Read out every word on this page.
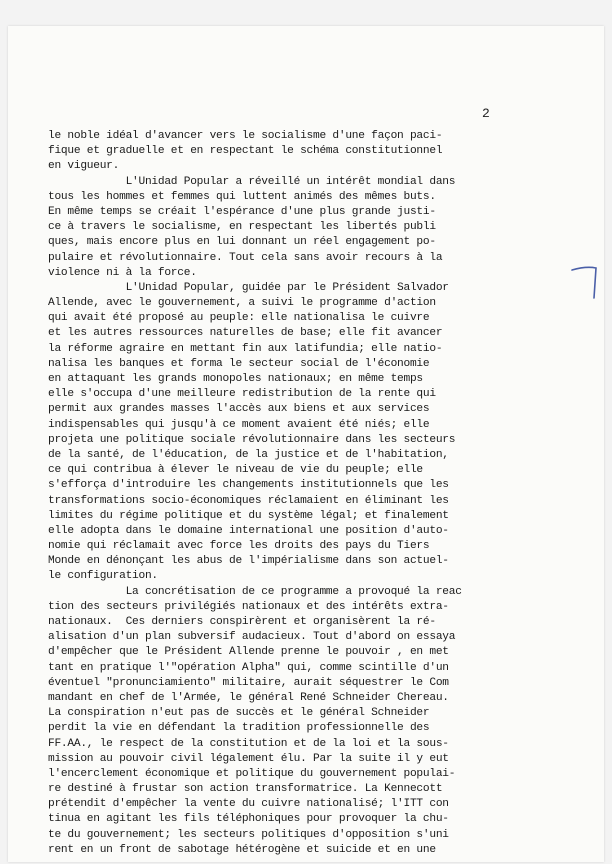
2
le noble idéal d'avancer vers le socialisme d'une façon paci-
fique et graduelle et en respectant le schéma constitutionnel
en vigueur.
L'Unidad Popular a réveillé un intérêt mondial dans
tous les hommes et femmes qui luttent animés des mêmes buts.
En même temps se créait l'espérance d'une plus grande justi-
ce à travers le socialisme, en respectant les libertés publi
ques, mais encore plus en lui donnant un réel engagement po-
pulaire et révolutionnaire. Tout cela sans avoir recours à la
violence ni à la force.
L'Unidad Popular, guidée par le Président Salvador
Allende, avec le gouvernement, a suivi le programme d'action
qui avait été proposé au peuple: elle nationalisa le cuivre
et les autres ressources naturelles de base; elle fit avancer
la réforme agraire en mettant fin aux latifundia; elle natio-
nalisa les banques et forma le secteur social de l'économie
en attaquant les grands monopoles nationaux; en même temps
elle s'occupa d'une meilleure redistribution de la rente qui
permit aux grandes masses l'accès aux biens et aux services
indispensables qui jusqu'à ce moment avaient été niés; elle
projeta une politique sociale révolutionnaire dans les secteurs
de la santé, de l'éducation, de la justice et de l'habitation,
ce qui contribua à élever le niveau de vie du peuple; elle
s'efforça d'introduire les changements institutionnels que les
transformations socio-économiques réclamaient en éliminant les
limites du régime politique et du système légal; et finalement
elle adopta dans le domaine international une position d'auto-
nomie qui réclamait avec force les droits des pays du Tiers
Monde en dénonçant les abus de l'impérialisme dans son actuel-
le configuration.
La concrétisation de ce programme a provoqué la reac
tion des secteurs privilégiés nationaux et des intérêts extra-
nationaux.  Ces derniers conspirèrent et organisèrent la ré-
alisation d'un plan subversif audacieux. Tout d'abord on essaya
d'empêcher que le Président Allende prenne le pouvoir , en met
tant en pratique l'"opération Alpha" qui, comme scintille d'un
éventuel "pronunciamiento" militaire, aurait séquestrer le Com
mandant en chef de l'Armée, le général René Schneider Chereau.
La conspiration n'eut pas de succès et le général Schneider
perdit la vie en défendant la tradition professionnelle des
FF.AA., le respect de la constitution et de la loi et la sous-
mission au pouvoir civil légalement élu. Par la suite il y eut
l'encerclement économique et politique du gouvernement populai-
re destiné à frustar son action transformatrice. La Kennecott
prétendit d'empêcher la vente du cuivre nationalisé; l'ITT con
tinua en agitant les fils téléphoniques pour provoquer la chu-
te du gouvernement; les secteurs politiques d'opposition s'uni
rent en un front de sabotage hétérogène et suicide et en une
